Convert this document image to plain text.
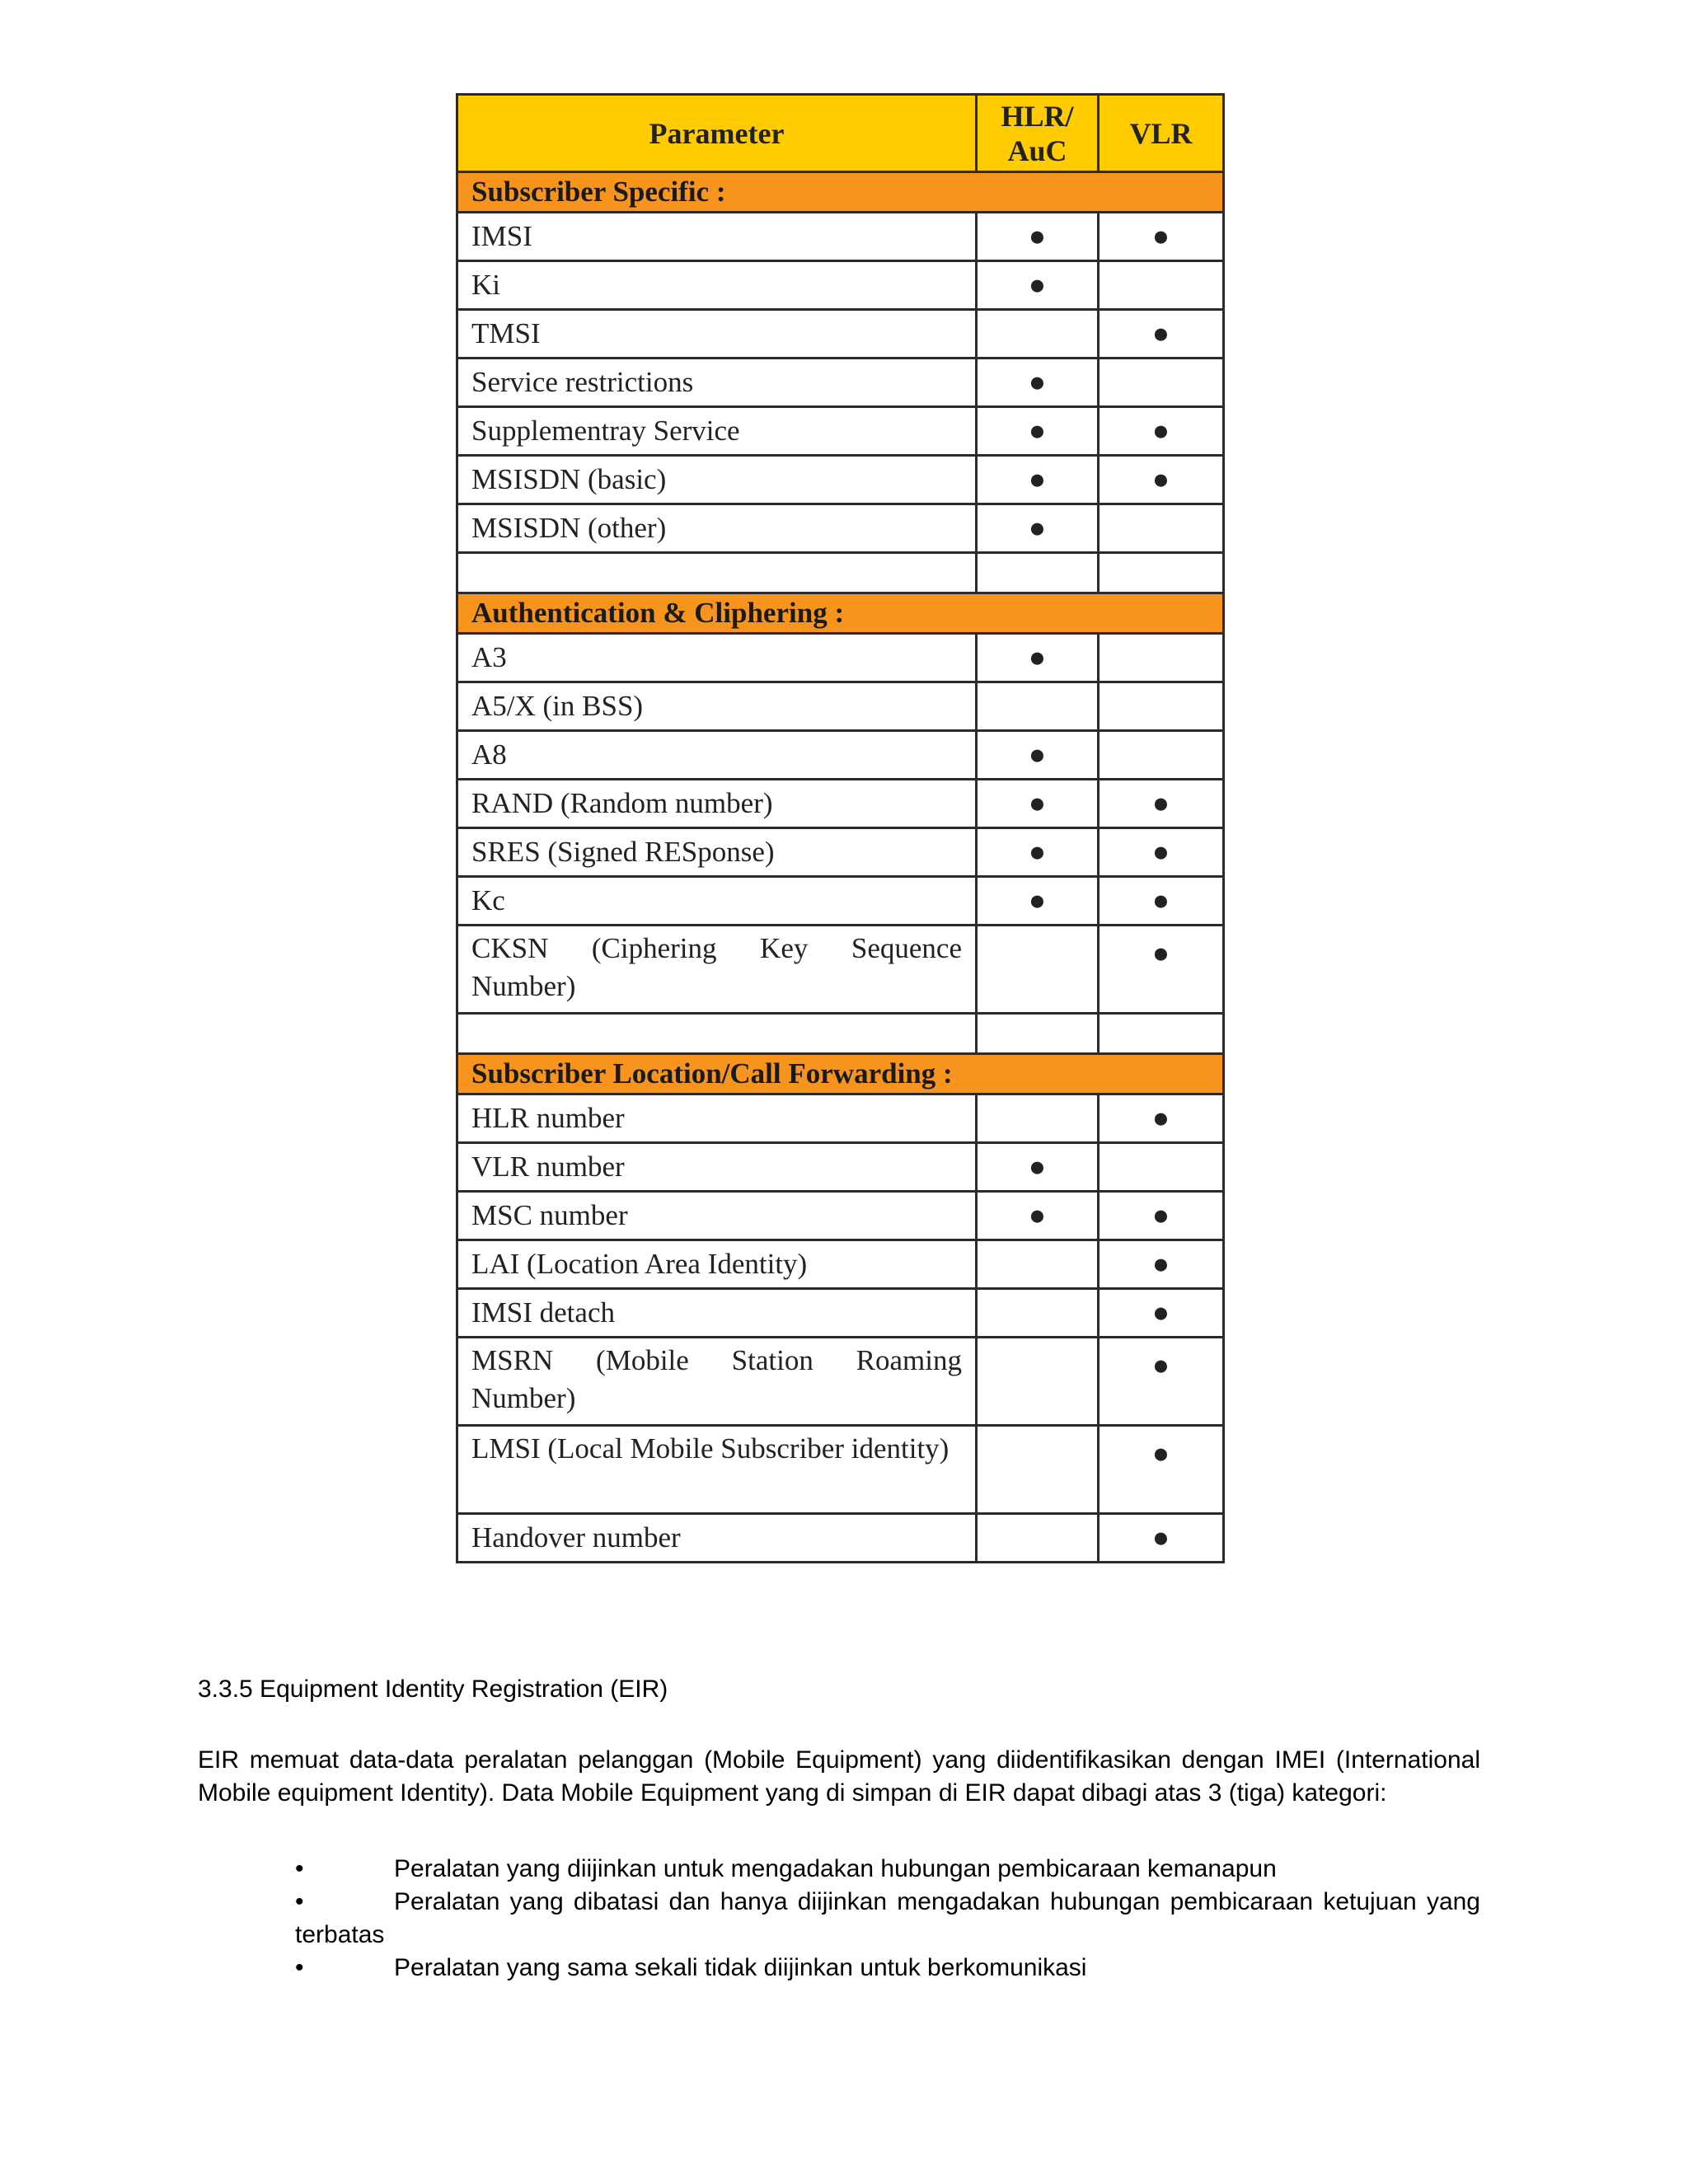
Parameter	HLR/ AuC	VLR
Subscriber Specific :		
IMSI	●	●
Ki	●	
TMSI		●
Service restrictions	●	
Supplementray Service	●	●
MSISDN (basic)	●	●
MSISDN (other)	●	

Authentication & Cliphering :		
A3	●	
A5/X (in BSS)		
A8	●	
RAND (Random number)	●	●
SRES (Signed RESponse)	●	●
Kc	●	●
CKSN (Ciphering Key Sequence Number)		●

Subscriber Location/Call Forwarding :		
HLR number		●
VLR number	●	
MSC number	●	●
LAI (Location Area Identity)		●
IMSI detach		●
MSRN (Mobile Station Roaming Number)		●
LMSI (Local Mobile Subscriber identity)		●
Handover number		●
3.3.5 Equipment Identity Registration (EIR)
EIR memuat data-data peralatan pelanggan (Mobile Equipment) yang diidentifikasikan dengan IMEI (International Mobile equipment Identity). Data Mobile Equipment yang di simpan di EIR dapat dibagi atas 3 (tiga) kategori:
•	Peralatan yang diijinkan untuk mengadakan hubungan pembicaraan kemanapun
•	Peralatan yang dibatasi dan hanya diijinkan mengadakan hubungan pembicaraan ketujuan yang terbatas
•	Peralatan yang sama sekali tidak diijinkan untuk berkomunikasi
